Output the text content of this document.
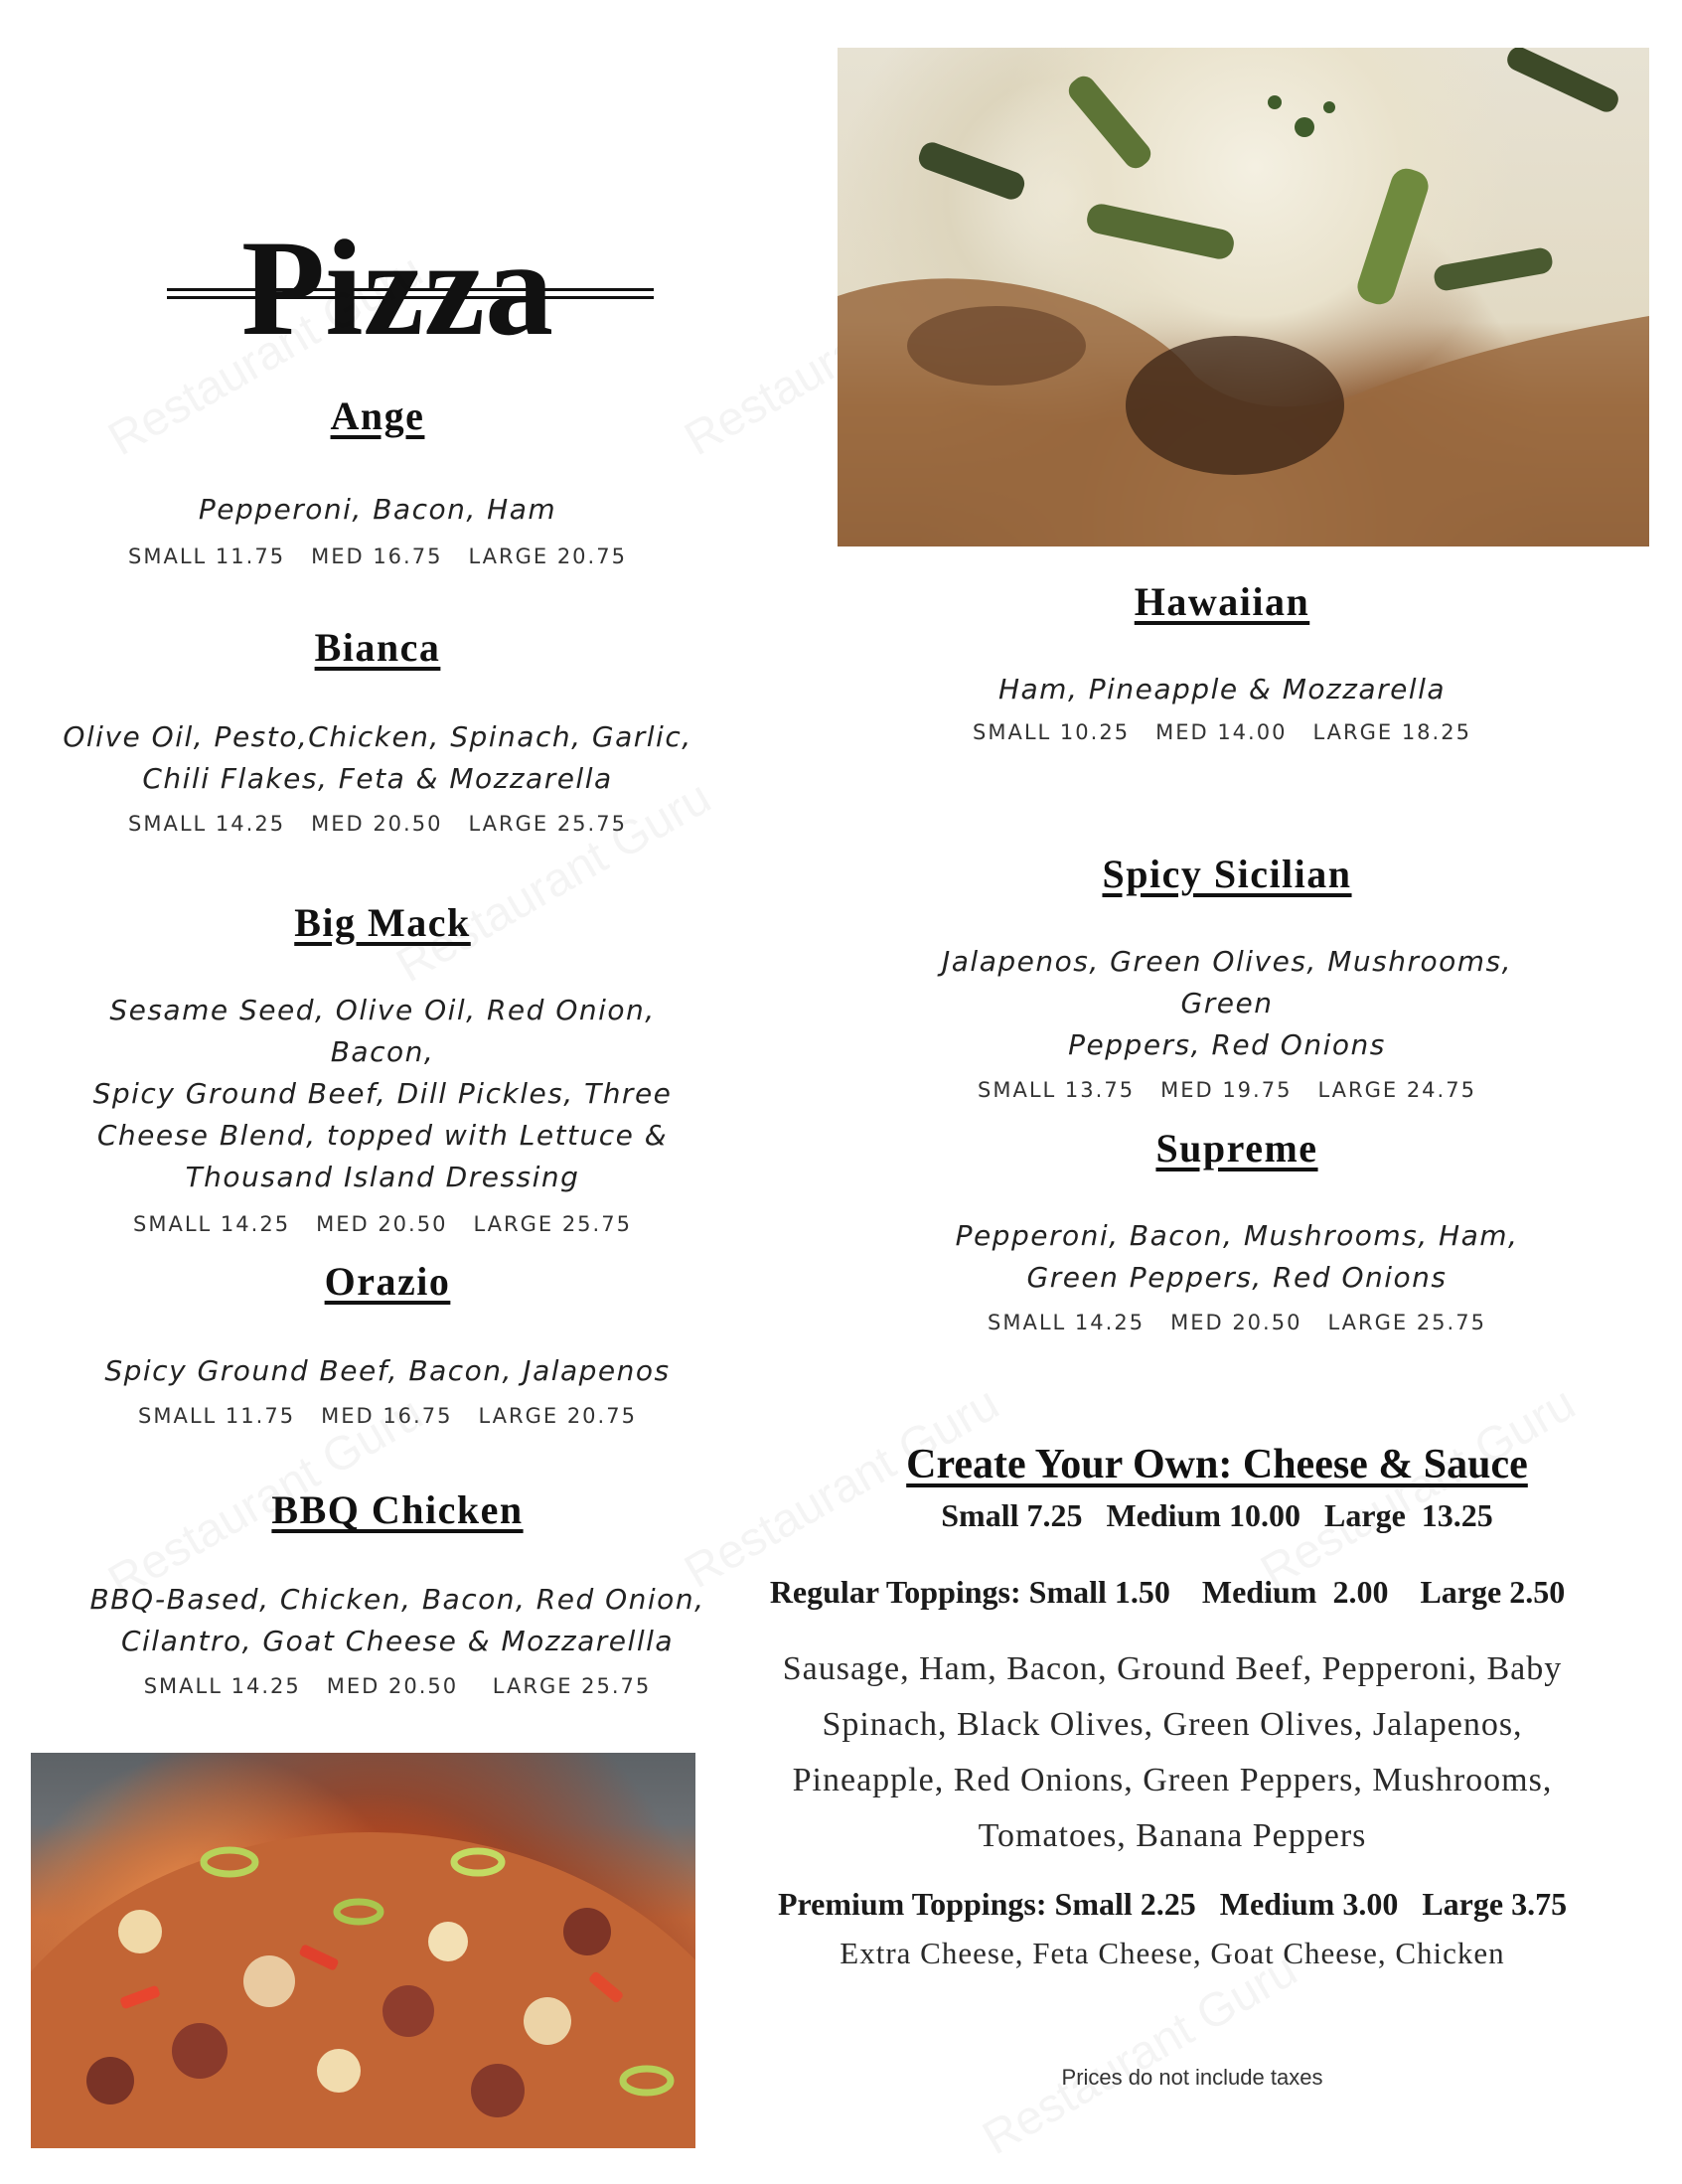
Pizza
Ange

Pepperoni, Bacon, Ham

SMALL 11.75   MED 16.75   LARGE 20.75

Bianca

Olive Oil, Pesto,Chicken, Spinach, Garlic,

Chili Flakes, Feta & Mozzarella

SMALL 14.25   MED 20.50   LARGE 25.75

Big Mack

Sesame Seed, Olive Oil, Red Onion, Bacon,

Spicy Ground Beef, Dill Pickles, Three

Cheese Blend, topped with Lettuce &

Thousand Island Dressing

SMALL 14.25   MED 20.50   LARGE 25.75

Orazio

Spicy Ground Beef, Bacon, Jalapenos

SMALL 11.75   MED 16.75   LARGE 20.75

BBQ Chicken

BBQ-Based, Chicken, Bacon, Red Onion,

Cilantro, Goat Cheese & Mozzarellla

SMALL 14.25   MED 20.50    LARGE 25.75

Hawaiian

Ham, Pineapple & Mozzarella

SMALL 10.25   MED 14.00   LARGE 18.25

Spicy Sicilian

Jalapenos, Green Olives, Mushrooms, Green

Peppers, Red Onions

SMALL 13.75   MED 19.75   LARGE 24.75

Supreme

Pepperoni, Bacon, Mushrooms, Ham,

Green Peppers, Red Onions

SMALL 14.25   MED 20.50   LARGE 25.75

Create Your Own: Cheese & Sauce

Small 7.25   Medium 10.00   Large  13.25

Regular Toppings: Small 1.50    Medium  2.00    Large 2.50

Sausage, Ham, Bacon, Ground Beef, Pepperoni, Baby

Spinach, Black Olives, Green Olives, Jalapenos,

Pineapple, Red Onions, Green Peppers, Mushrooms,

Tomatoes, Banana Peppers

Premium Toppings: Small 2.25   Medium 3.00   Large 3.75

Extra Cheese, Feta Cheese, Goat Cheese, Chicken

Prices do not include taxes
